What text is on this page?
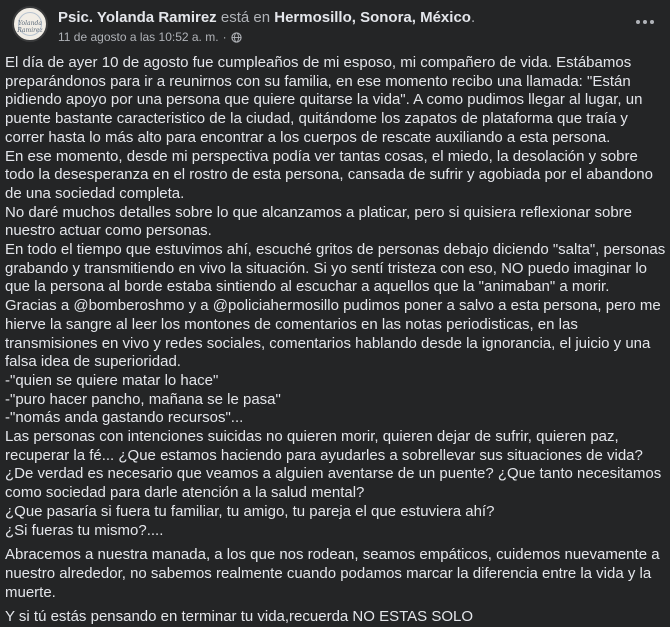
Yolanda Ramirez
Psic. Yolanda Ramirez está en Hermosillo, Sonora, México.
11 de agosto a las 10:52 a. m. ·

El día de ayer 10 de agosto fue cumpleaños de mi esposo, mi compañero de vida. Estábamos preparándonos para ir a reunirnos con su familia, en ese momento recibo una llamada: "Están pidiendo apoyo por una persona que quiere quitarse la vida". A como pudimos llegar al lugar, un puente bastante caracteristico de la ciudad, quitándome los zapatos de plataforma que traía y correr hasta lo más alto para encontrar a los cuerpos de rescate auxiliando a esta persona.

En ese momento, desde mi perspectiva podía ver tantas cosas, el miedo, la desolación y sobre todo la desesperanza en el rostro de esta persona, cansada de sufrir y agobiada por el abandono de una sociedad completa.

No daré muchos detalles sobre lo que alcanzamos a platicar, pero si quisiera reflexionar sobre nuestro actuar como personas.

En todo el tiempo que estuvimos ahí, escuché gritos de personas debajo diciendo "salta", personas grabando y transmitiendo en vivo la situación. Si yo sentí tristeza con eso, NO puedo imaginar lo que la persona al borde estaba sintiendo al escuchar a aquellos que la "animaban" a morir.

Gracias a @bomberoshmo y a @policiahermosillo pudimos poner a salvo a esta persona, pero me hierve la sangre al leer los montones de comentarios en las notas periodisticas, en las transmisiones en vivo y redes sociales, comentarios hablando desde la ignorancia, el juicio y una falsa idea de superioridad.

-"quien se quiere matar lo hace"

-"puro hacer pancho, mañana se le pasa"

-"nomás anda gastando recursos"...

Las personas con intenciones suicidas no quieren morir, quieren dejar de sufrir, quieren paz, recuperar la fé... ¿Que estamos haciendo para ayudarles a sobrellevar sus situaciones de vida? ¿De verdad es necesario que veamos a alguien aventarse de un puente? ¿Que tanto necesitamos como sociedad para darle atención a la salud mental?

¿Que pasaría si fuera tu familiar, tu amigo, tu pareja el que estuviera ahí?

¿Si fueras tu mismo?....

Abracemos a nuestra manada, a los que nos rodean, seamos empáticos, cuidemos nuevamente a nuestro alrededor, no sabemos realmente cuando podamos marcar la diferencia entre la vida y la muerte.

Y si tú estás pensando en terminar tu vida,recuerda NO ESTAS SOLO
